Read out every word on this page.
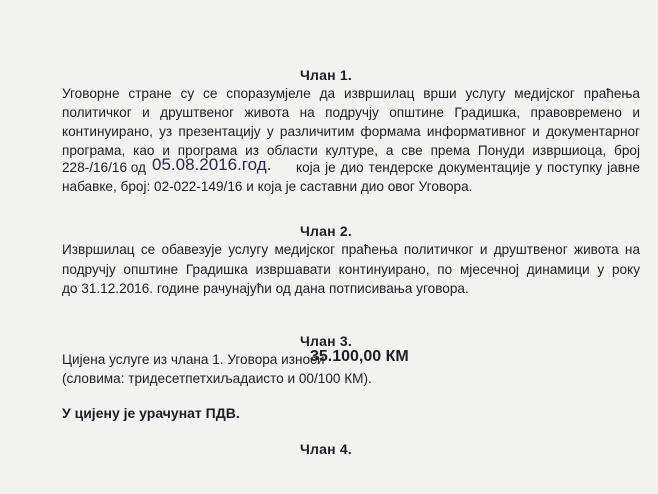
Члан 1.
Уговорне стране су се споразумјеле да извршилац врши услугу медијског праћења
политичког и друштвеног живота на подручју општине Градишка, правовремено и
континуирано, уз презентацију у различитим формама информативног и документарног
програма, као и програма из области културе, а све према Понуди извршиоца, број
228-/16/16 од 05.08.2016.год. која је дио тендерске документације у поступку јавне
набавке, број: 02-022-149/16 и која је саставни дио овог Уговора.
Члан 2.
Извршилац се обавезује услугу медијског праћења политичког и друштвеног живота на
подручју општине Градишка извршавати континуирано, по мјесечној динамици у року
до 31.12.2016. године рачунајући од дана потписивања уговора.
Члан 3.
Цијена услуге из члана 1. Уговора износи
35.100,00 КМ
(словима: тридесетпетхиљадаисто и 00/100 КМ).
У цијену је урачунат ПДВ.
Члан 4.
